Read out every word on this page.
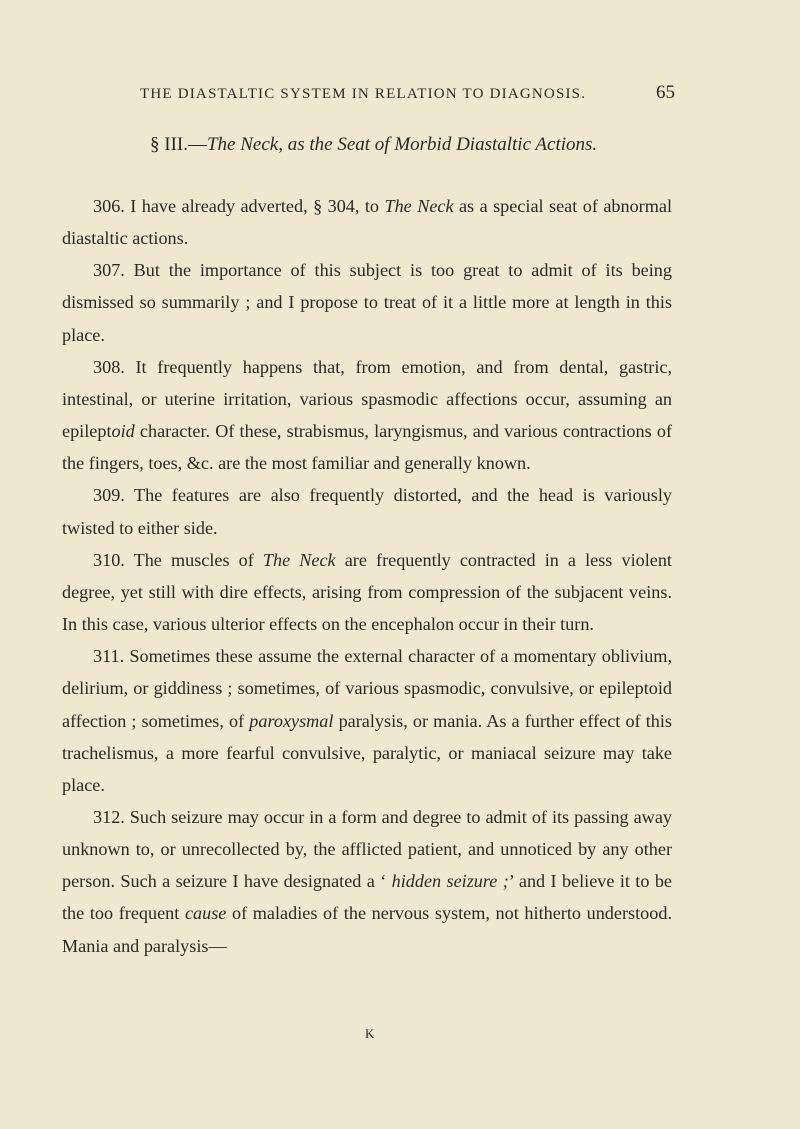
THE DIASTALTIC SYSTEM IN RELATION TO DIAGNOSIS.	65
§ III.—The Neck, as the Seat of Morbid Diastaltic Actions.

306. I have already adverted, § 304, to The Neck as a special seat of abnormal diastaltic actions.

307. But the importance of this subject is too great to admit of its being dismissed so summarily ; and I propose to treat of it a little more at length in this place.

308. It frequently happens that, from emotion, and from dental, gastric, intestinal, or uterine irritation, various spasmodic affections occur, assuming an epileptoid character. Of these, strabismus, laryngismus, and various contractions of the fingers, toes, &c. are the most familiar and generally known.

309. The features are also frequently distorted, and the head is variously twisted to either side.

310. The muscles of The Neck are frequently contracted in a less violent degree, yet still with dire effects, arising from compression of the subjacent veins. In this case, various ulterior effects on the encephalon occur in their turn.

311. Sometimes these assume the external character of a momentary oblivium, delirium, or giddiness ; sometimes, of various spasmodic, convulsive, or epileptoid affection ; sometimes, of paroxysmal paralysis, or mania. As a further effect of this trachelismus, a more fearful convulsive, paralytic, or maniacal seizure may take place.

312. Such seizure may occur in a form and degree to admit of its passing away unknown to, or unrecollected by, the afflicted patient, and unnoticed by any other person. Such a seizure I have designated a ‘ hidden seizure ;’ and I believe it to be the too frequent cause of maladies of the nervous system, not hitherto understood. Mania and paralysis—

K
